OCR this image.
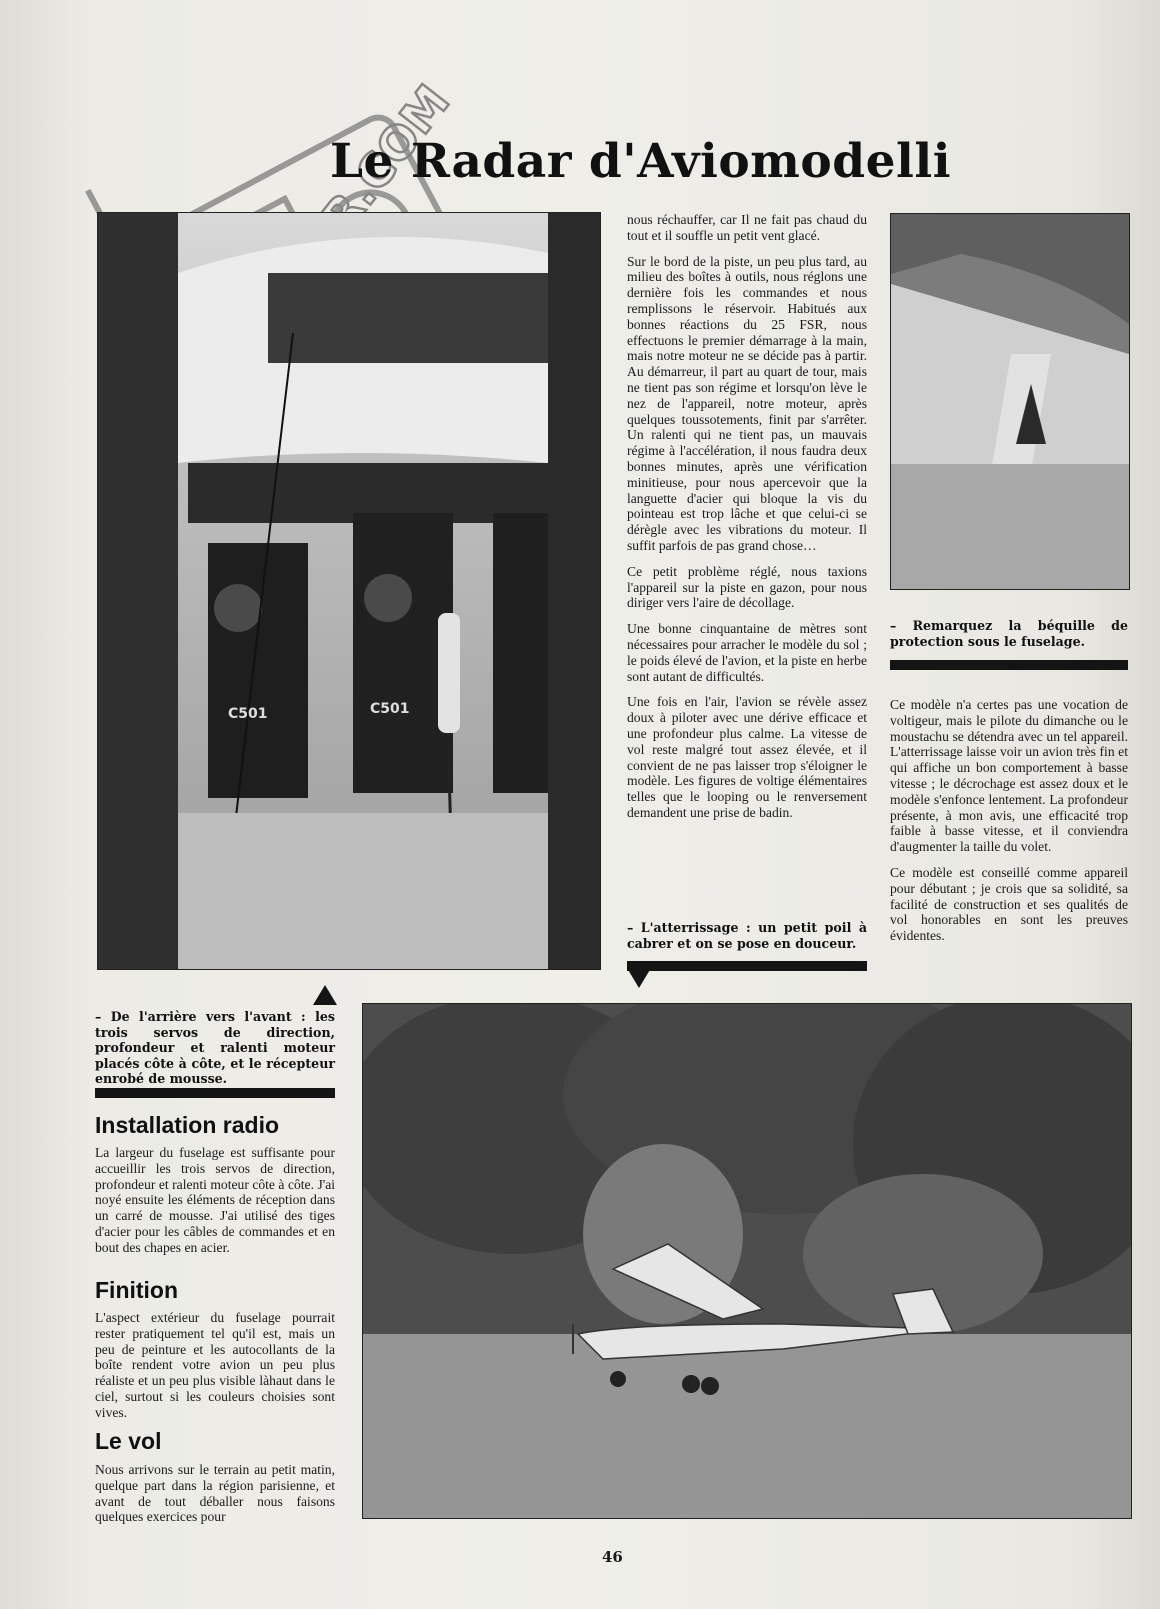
Le Radar d'Aviomodelli
C501	C501

nous réchauffer, car Il ne fait pas chaud du tout et il souffle un petit vent glacé.

Sur le bord de la piste, un peu plus tard, au milieu des boîtes à outils, nous réglons une dernière fois les commandes et nous remplissons le réservoir. Habitués aux bonnes réactions du 25 FSR, nous effectuons le premier démarrage à la main, mais notre moteur ne se décide pas à partir. Au démarreur, il part au quart de tour, mais ne tient pas son régime et lorsqu'on lève le nez de l'appareil, notre moteur, après quelques toussotements, finit par s'arrêter. Un ralenti qui ne tient pas, un mauvais régime à l'accélération, il nous faudra deux bonnes minutes, après une vérification minitieuse, pour nous apercevoir que la languette d'acier qui bloque la vis du pointeau est trop lâche et que celui-ci se dérègle avec les vibrations du moteur. Il suffit parfois de pas grand chose…

Ce petit problème réglé, nous taxions l'appareil sur la piste en gazon, pour nous diriger vers l'aire de décollage.

Une bonne cinquantaine de mètres sont nécessaires pour arracher le modèle du sol ; le poids élevé de l'avion, et la piste en herbe sont autant de difficultés.

Une fois en l'air, l'avion se révèle assez doux à piloter avec une dérive efficace et une profondeur plus calme. La vitesse de vol reste malgré tout assez élevée, et il convient de ne pas laisser trop s'éloigner le modèle. Les figures de voltige élémentaires telles que le looping ou le renversement demandent une prise de badin.

– L'atterrissage : un petit poil à cabrer et on se pose en douceur.
– Remarquez la béquille de protection sous le fuselage.

Ce modèle n'a certes pas une vocation de voltigeur, mais le pilote du dimanche ou le moustachu se détendra avec un tel appareil. L'atterrissage laisse voir un avion très fin et qui affiche un bon comportement à basse vitesse ; le décrochage est assez doux et le modèle s'enfonce lentement. La profondeur présente, à mon avis, une efficacité trop faible à basse vitesse, et il conviendra d'augmenter la taille du volet.

Ce modèle est conseillé comme appareil pour débutant ; je crois que sa solidité, sa facilité de construction et ses qualités de vol honorables en sont les preuves évidentes.

– De l'arrière vers l'avant : les trois servos de direction, profondeur et ralenti moteur placés côte à côte, et le récepteur enrobé de mousse.
Installation radio

La largeur du fuselage est suffisante pour accueillir les trois servos de direction, profondeur et ralenti moteur côte à côte. J'ai noyé ensuite les éléments de réception dans un carré de mousse. J'ai utilisé des tiges d'acier pour les câbles de commandes et en bout des chapes en acier.

Finition

L'aspect extérieur du fuselage pourrait rester pratiquement tel qu'il est, mais un peu de peinture et les autocollants de la boîte rendent votre avion un peu plus réaliste et un peu plus visible làhaut dans le ciel, surtout si les couleurs choisies sont vives.

Le vol

Nous arrivons sur le terrain au petit matin, quelque part dans la région parisienne, et avant de tout déballer nous faisons quelques exercices pour

46
